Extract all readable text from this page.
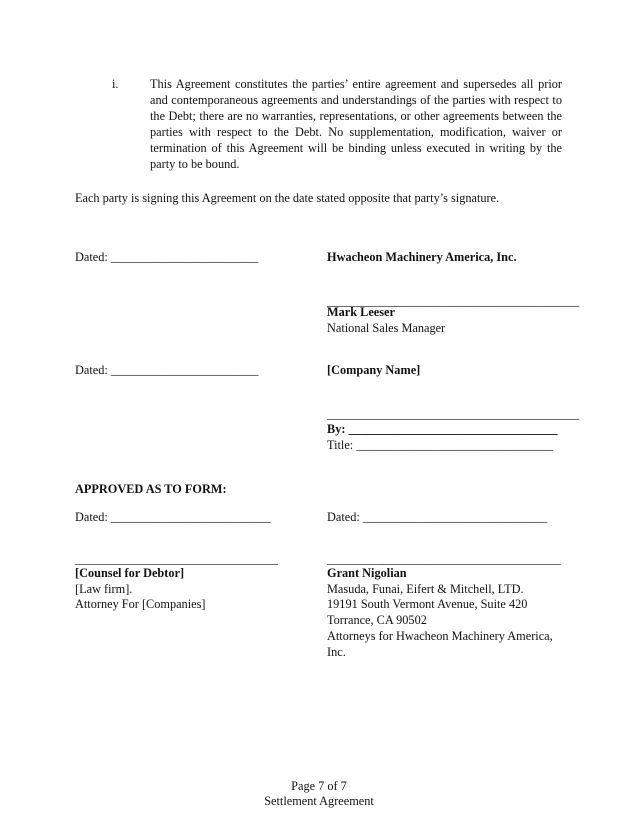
i.	This Agreement constitutes the parties’ entire agreement and supersedes all prior and contemporaneous agreements and understandings of the parties with respect to the Debt; there are no warranties, representations, or other agreements between the parties with respect to the Debt. No supplementation, modification, waiver or termination of this Agreement will be binding unless executed in writing by the party to be bound.
Each party is signing this Agreement on the date stated opposite that party’s signature.
Dated: ________________________	Hwacheon Machinery America, Inc.
_________________________________________
Mark Leeser
National Sales Manager
Dated: ________________________	[Company Name]
_________________________________________
By: __________________________________
Title: ________________________________
APPROVED AS TO FORM:
Dated: __________________________	Dated: ______________________________
_________________________________	______________________________________
[Counsel for Debtor]
[Law firm].
Attorney For [Companies]
Grant Nigolian
Masuda, Funai, Eifert & Mitchell, LTD.
19191 South Vermont Avenue, Suite 420
Torrance, CA 90502
Attorneys for Hwacheon Machinery America,
Inc.
Page 7 of 7
Settlement Agreement
